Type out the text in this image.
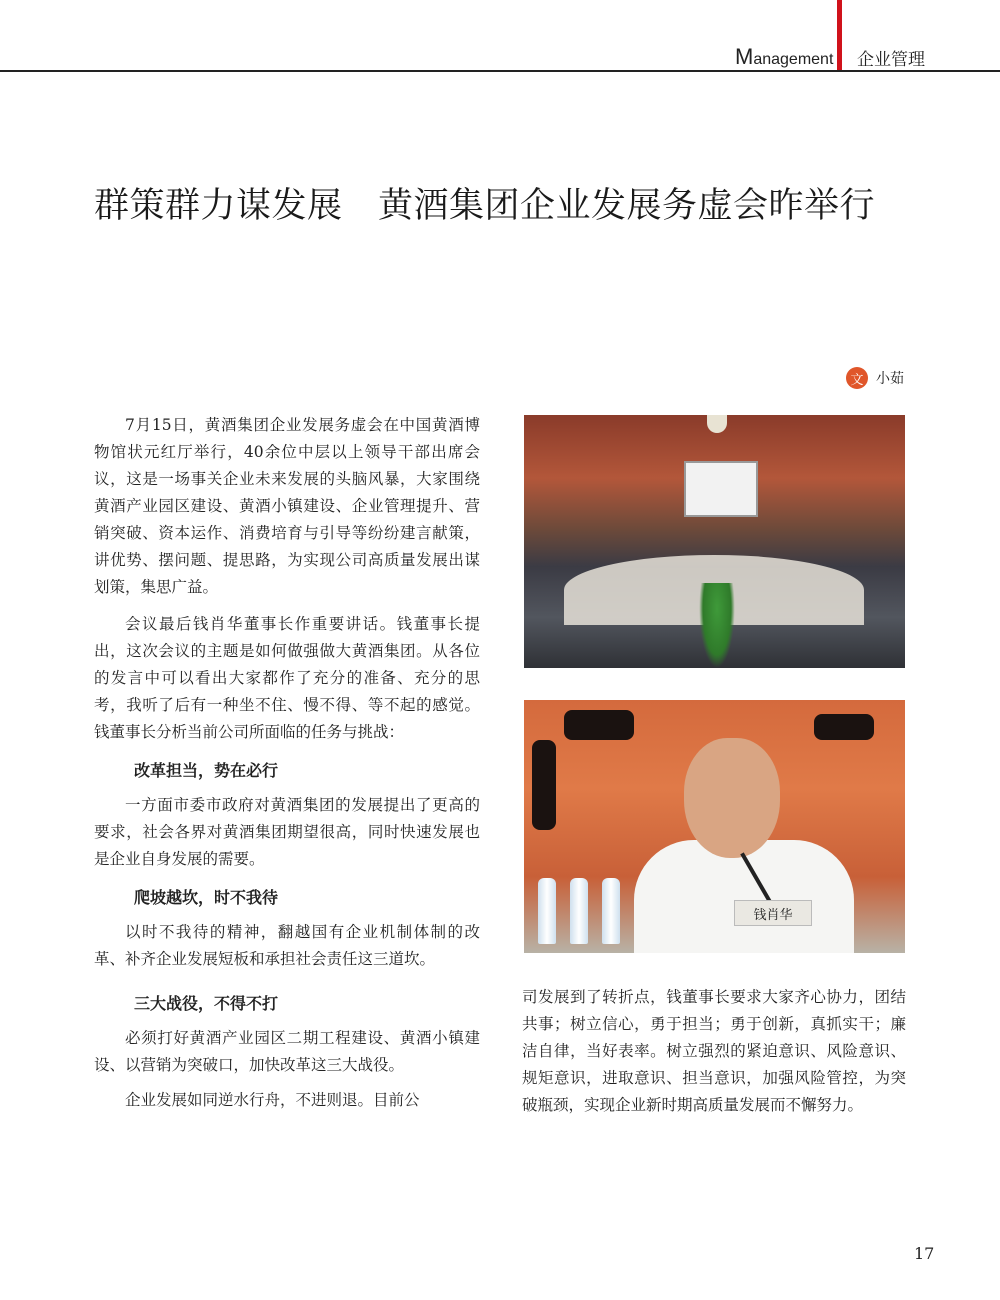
Management 企业管理
群策群力谋发展　黄酒集团企业发展务虚会昨举行
文 小茹

7月15日，黄酒集团企业发展务虚会在中国黄酒博物馆状元红厅举行，40余位中层以上领导干部出席会议，这是一场事关企业未来发展的头脑风暴，大家围绕黄酒产业园区建设、黄酒小镇建设、企业管理提升、营销突破、资本运作、消费培育与引导等纷纷建言献策，讲优势、摆问题、提思路，为实现公司高质量发展出谋划策，集思广益。

会议最后钱肖华董事长作重要讲话。钱董事长提出，这次会议的主题是如何做强做大黄酒集团。从各位的发言中可以看出大家都作了充分的准备、充分的思考，我听了后有一种坐不住、慢不得、等不起的感觉。钱董事长分析当前公司所面临的任务与挑战：

改革担当，势在必行

一方面市委市政府对黄酒集团的发展提出了更高的要求，社会各界对黄酒集团期望很高，同时快速发展也是企业自身发展的需要。

爬坡越坎，时不我待

以时不我待的精神，翻越国有企业机制体制的改革、补齐企业发展短板和承担社会责任这三道坎。

三大战役，不得不打

必须打好黄酒产业园区二期工程建设、黄酒小镇建设、以营销为突破口，加快改革这三大战役。

企业发展如同逆水行舟，不进则退。目前公

钱肖华

司发展到了转折点，钱董事长要求大家齐心协力，团结共事；树立信心，勇于担当；勇于创新，真抓实干；廉洁自律，当好表率。树立强烈的紧迫意识、风险意识、规矩意识，进取意识、担当意识，加强风险管控，为突破瓶颈，实现企业新时期高质量发展而不懈努力。

17
